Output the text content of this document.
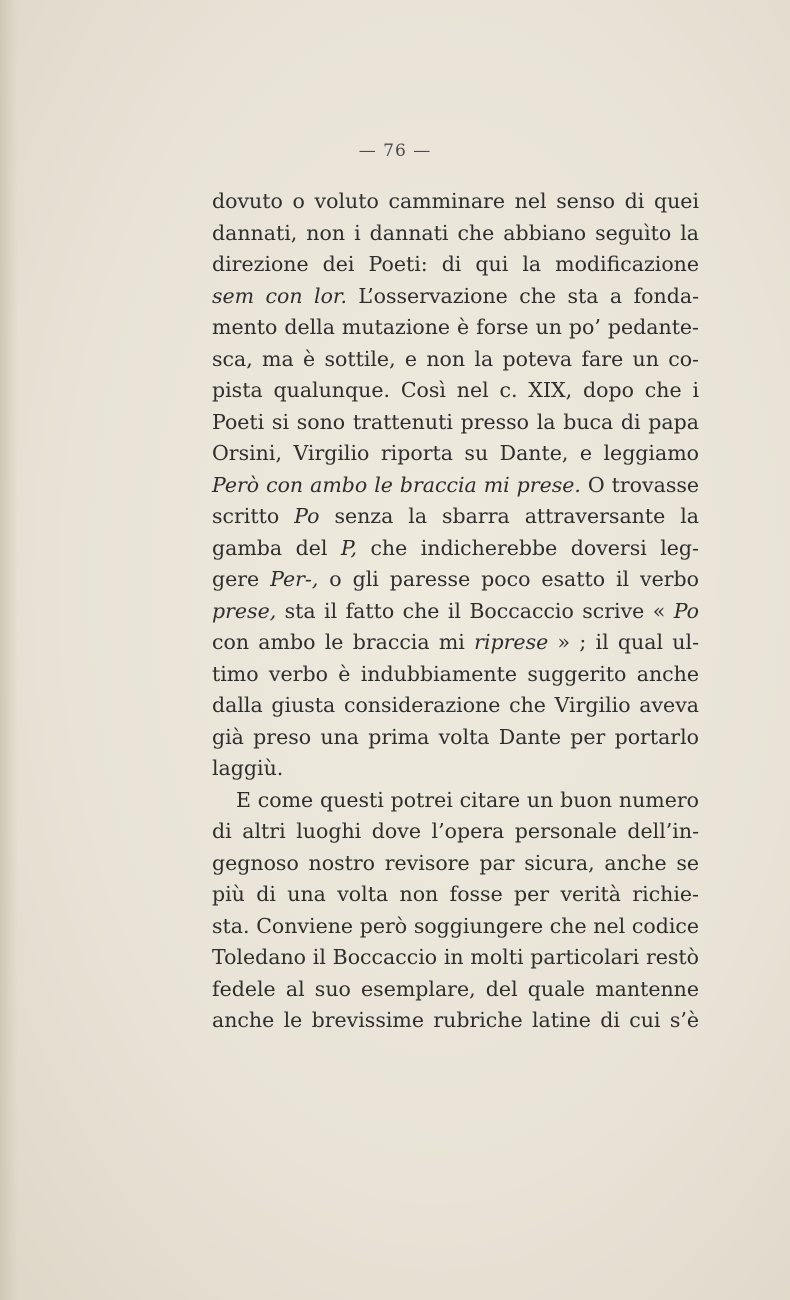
— 76 —
dovuto o voluto camminare nel senso di quei
dannati, non i dannati che abbiano seguìto la
direzione dei Poeti: di qui la modificazione
sem con lor. L’osservazione che sta a fonda-
mento della mutazione è forse un po’ pedante-
sca, ma è sottile, e non la poteva fare un co-
pista qualunque. Così nel c. XIX, dopo che i
Poeti si sono trattenuti presso la buca di papa
Orsini, Virgilio riporta su Dante, e leggiamo
Però con ambo le braccia mi prese. O trovasse
scritto Po senza la sbarra attraversante la
gamba del P, che indicherebbe doversi leg-
gere Per-, o gli paresse poco esatto il verbo
prese, sta il fatto che il Boccaccio scrive « Po
con ambo le braccia mi riprese » ; il qual ul-
timo verbo è indubbiamente suggerito anche
dalla giusta considerazione che Virgilio aveva
già preso una prima volta Dante per portarlo
laggiù.
E come questi potrei citare un buon numero
di altri luoghi dove l’opera personale dell’in-
gegnoso nostro revisore par sicura, anche se
più di una volta non fosse per verità richie-
sta. Conviene però soggiungere che nel codice
Toledano il Boccaccio in molti particolari restò
fedele al suo esemplare, del quale mantenne
anche le brevissime rubriche latine di cui s’è
